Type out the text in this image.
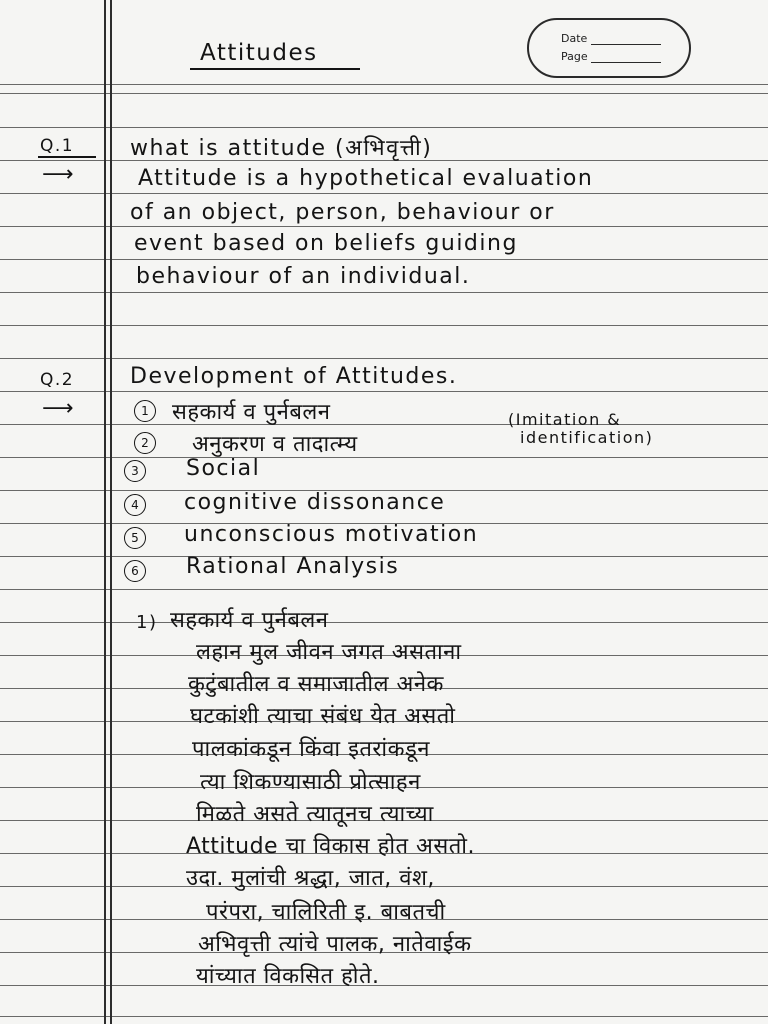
Attitudes
Date
Page
Q.1	what is attitude (अभिवृत्ती)
⟶	Attitude is a hypothetical evaluation
of an object, person, behaviour or
event based on beliefs guiding
behaviour of an individual.
Q.2	Development of Attitudes.
⟶	1	सहकार्य व पुर्नबलन
2	अनुकरण व तादात्म्य
(Imitation &
identification)
3	Social
4	cognitive dissonance
5	unconscious motivation
6	Rational Analysis
1) सहकार्य व पुर्नबलन
लहान मुल जीवन जगत असताना
कुटुंबातील व समाजातील अनेक
घटकांशी त्याचा संबंध येत असतो
पालकांकडून किंवा इतरांकडून
त्या शिकण्यासाठी प्रोत्साहन
मिळते असते त्यातूनच त्याच्या
Attitude चा विकास होत असतो.
उदा. मुलांची श्रद्धा, जात, वंश,
परंपरा, चालिरिती इ. बाबतची
अभिवृत्ती त्यांचे पालक, नातेवाईक
यांच्यात विकसित होते.
